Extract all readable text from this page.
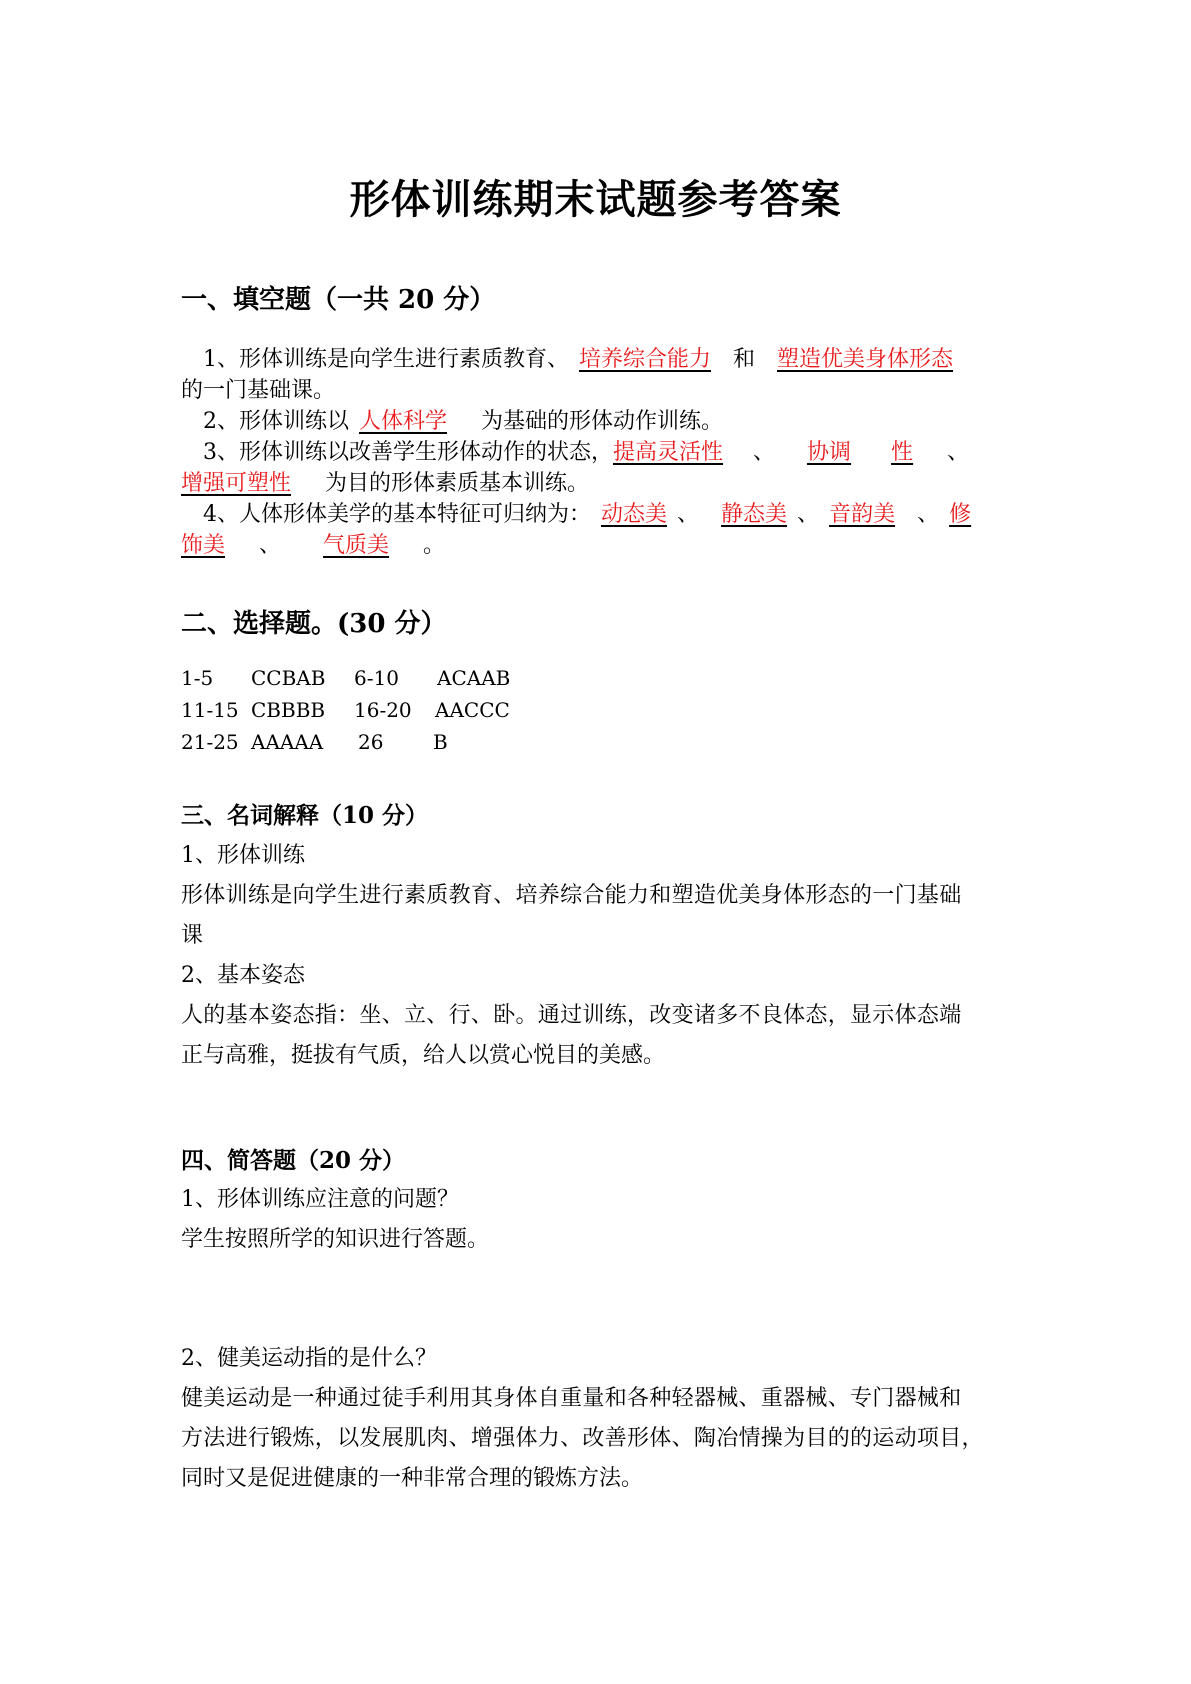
形体训练期末试题参考答案
一、填空题（一共 20 分）

1、形体训练是向学生进行素质教育、 培养综合能力 和 塑造优美身体形态

的一门基础课。

2、形体训练以 人体科学 为基础的形体动作训练。

3、形体训练以改善学生形体动作的状态，提高灵活性 、 协调 性 、

增强可塑性 为目的形体素质基本训练。

4、人体形体美学的基本特征可归纳为： 动态美 、 静态美 、 音韵美 、 修

饰美 、 气质美 。

二、选择题。(30 分）
1-5 CCBAB 6-10 ACAAB
11-15 CBBBB 16-20 AACCC
21-25 AAAAA 26 B
三、名词解释（10 分）

1、形体训练

形体训练是向学生进行素质教育、培养综合能力和塑造优美身体形态的一门基础

课

2、基本姿态

人的基本姿态指：坐、立、行、卧。通过训练，改变诸多不良体态，显示体态端

正与高雅，挺拔有气质，给人以赏心悦目的美感。

四、简答题（20 分）

1、形体训练应注意的问题？

学生按照所学的知识进行答题。

2、健美运动指的是什么？

健美运动是一种通过徒手利用其身体自重量和各种轻器械、重器械、专门器械和

方法进行锻炼，以发展肌肉、增强体力、改善形体、陶冶情操为目的的运动项目，

同时又是促进健康的一种非常合理的锻炼方法。
